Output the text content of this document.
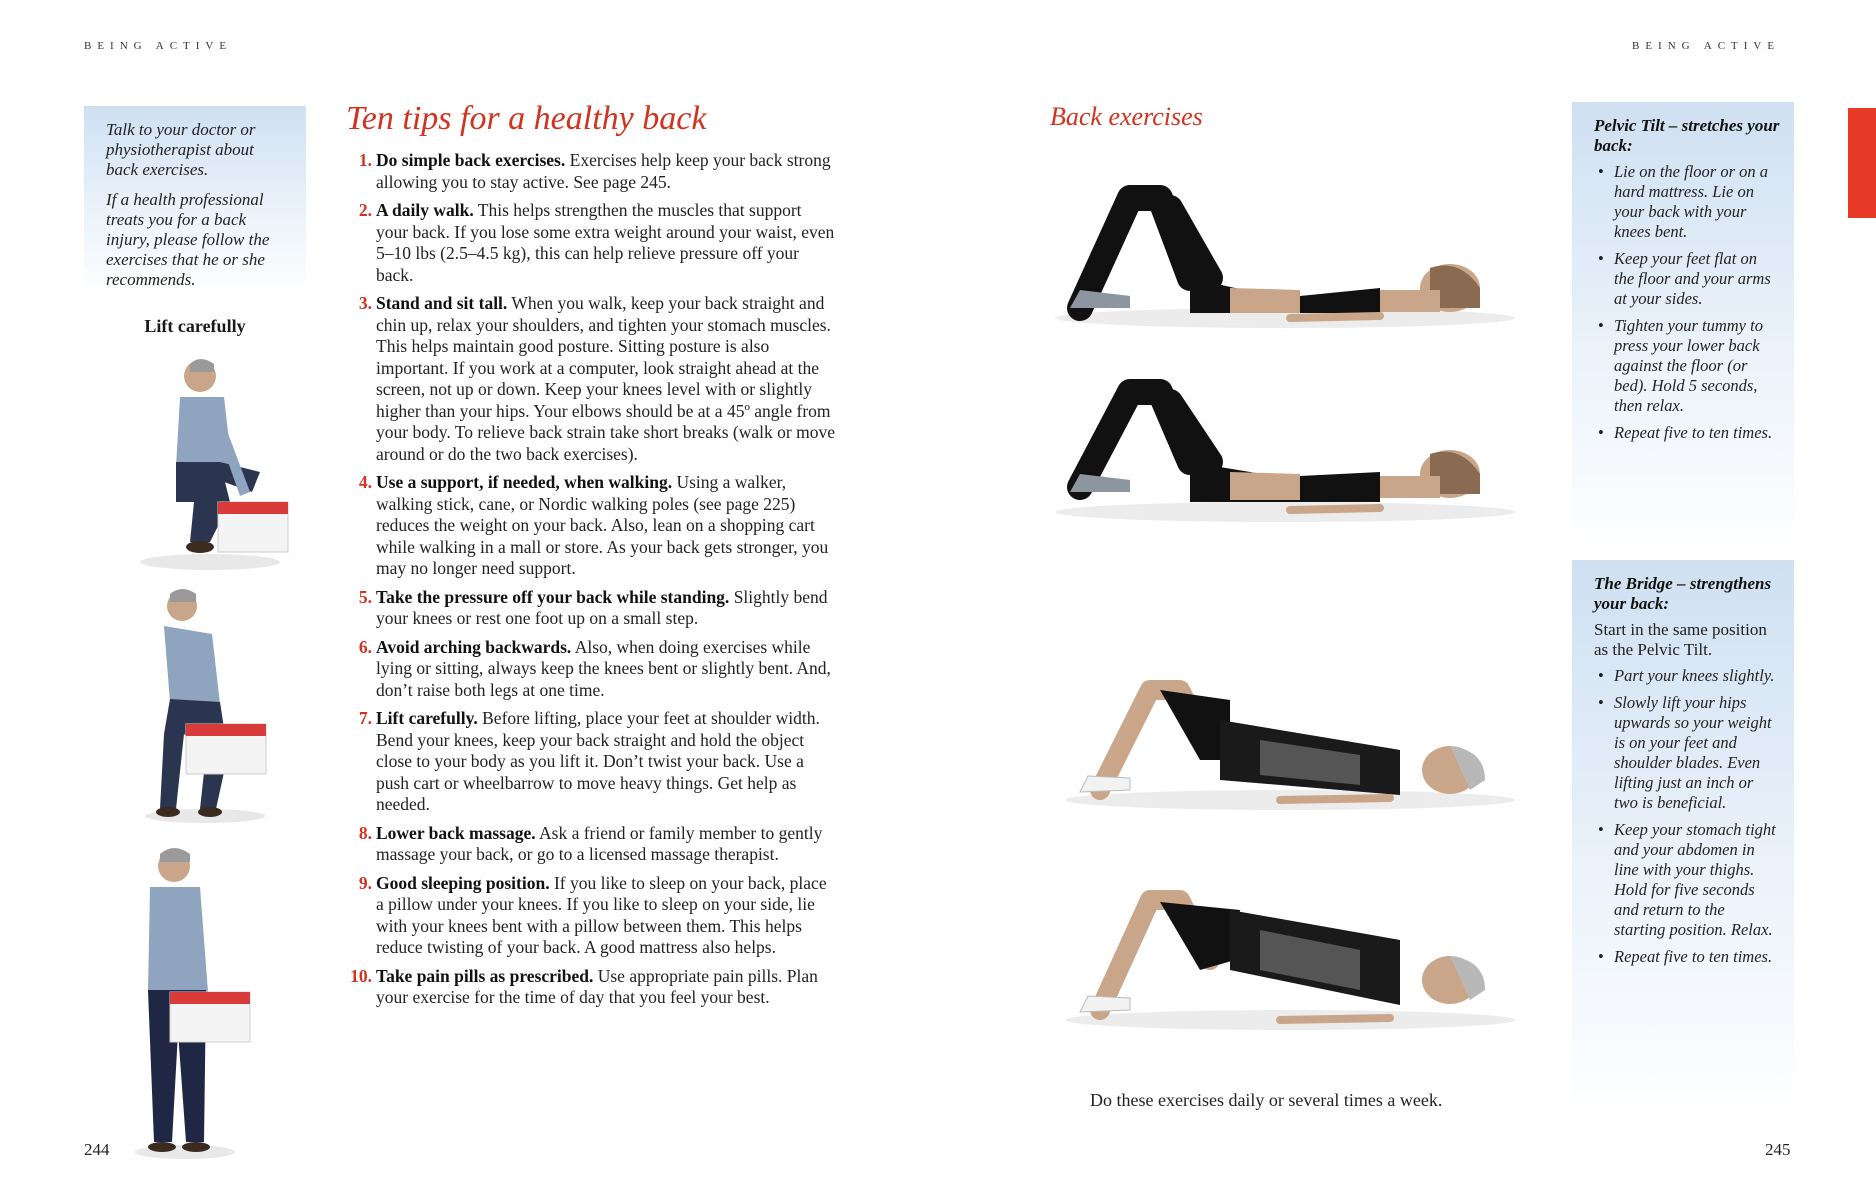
BEING ACTIVE	BEING ACTIVE

Talk to your doctor or physiotherapist about back exercises.

If a health professional treats you for a back injury, please follow the exercises that he or she recommends.

Lift carefully
Ten tips for a healthy back
1. Do simple back exercises. Exercises help keep your back strong allowing you to stay active. See page 245.
2. A daily walk. This helps strengthen the muscles that support your back. If you lose some extra weight around your waist, even 5–10 lbs (2.5–4.5 kg), this can help relieve pressure off your back.
3. Stand and sit tall. When you walk, keep your back straight and chin up, relax your shoulders, and tighten your stomach muscles. This helps maintain good posture. Sitting posture is also important. If you work at a computer, look straight ahead at the screen, not up or down. Keep your knees level with or slightly higher than your hips. Your elbows should be at a 45º angle from your body. To relieve back strain take short breaks (walk or move around or do the two back exercises).
4. Use a support, if needed, when walking. Using a walker, walking stick, cane, or Nordic walking poles (see page 225) reduces the weight on your back. Also, lean on a shopping cart while walking in a mall or store. As your back gets stronger, you may no longer need support.
5. Take the pressure off your back while standing. Slightly bend your knees or rest one foot up on a small step.
6. Avoid arching backwards. Also, when doing exercises while lying or sitting, always keep the knees bent or slightly bent. And, don’t raise both legs at one time.
7. Lift carefully. Before lifting, place your feet at shoulder width. Bend your knees, keep your back straight and hold the object close to your body as you lift it. Don’t twist your back. Use a push cart or wheelbarrow to move heavy things. Get help as needed.
8. Lower back massage. Ask a friend or family member to gently massage your back, or go to a licensed massage therapist.
9. Good sleeping position. If you like to sleep on your back, place a pillow under your knees. If you like to sleep on your side, lie with your knees bent with a pillow between them. This helps reduce twisting of your back. A good mattress also helps.
10. Take pain pills as prescribed. Use appropriate pain pills. Plan your exercise for the time of day that you feel your best.
Back exercises
Do these exercises daily or several times a week.
Pelvic Tilt – stretches your back:
• Lie on the floor or on a hard mattress. Lie on your back with your knees bent.
• Keep your feet flat on the floor and your arms at your sides.
• Tighten your tummy to press your lower back against the floor (or bed). Hold 5 seconds, then relax.
• Repeat five to ten times.
The Bridge – strengthens your back:
Start in the same position as the Pelvic Tilt.
• Part your knees slightly.
• Slowly lift your hips upwards so your weight is on your feet and shoulder blades. Even lifting just an inch or two is beneficial.
• Keep your stomach tight and your abdomen in line with your thighs. Hold for five seconds and return to the starting position. Relax.
• Repeat five to ten times.
244	245
